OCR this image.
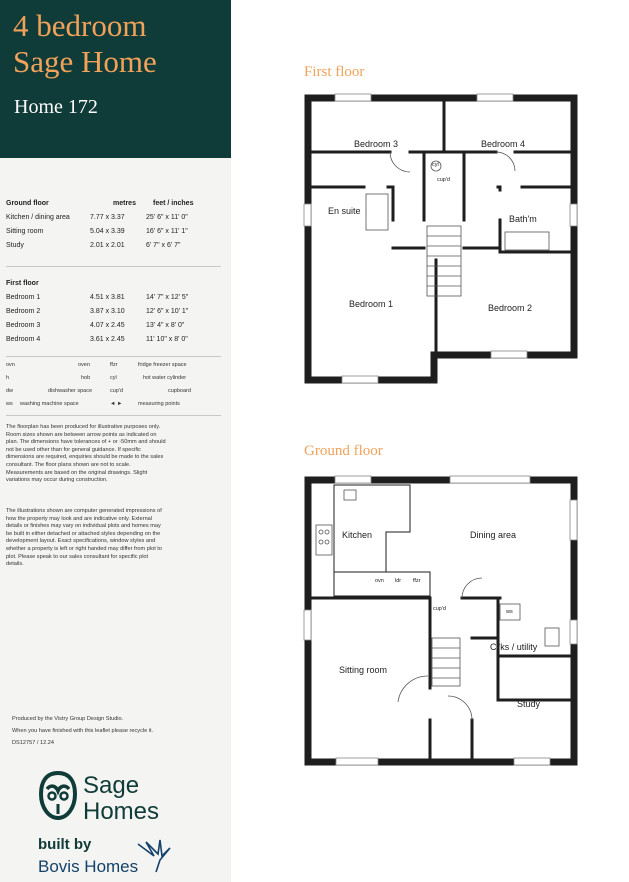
4 bedroom
Sage Home
Home 172
Ground floor	metres feet / inches
Kitchen / dining area	7.77 x 3.37	25' 6" x 11' 0"
Sitting room	5.04 x 3.39	16' 6" x 11' 1"
Study	2.01 x 2.01	6' 7" x 6' 7"
First floor
Bedroom 1	4.51 x 3.81	14' 7" x 12' 5"
Bedroom 2	3.87 x 3.10	12' 6" x 10' 1"
Bedroom 3	4.07 x 2.45	13' 4" x 8' 0"
Bedroom 4	3.61 x 2.45	11' 10" x 8' 0"
ovn	oven	ffzr	fridge freezer space
h	hob	cyl	hot water cylinder
dw	dishwasher space	cup'd	cupboard
ws washing machine space	◄ ►	measuring points
The floorplan has been produced for illustrative purposes only. Room sizes shown are between arrow points as indicated on plan. The dimensions have tolerances of + or -50mm and should not be used other than for general guidance. If specific dimensions are required, enquiries should be made to the sales consultant. The floor plans shown are not to scale. Measurements are based on the original drawings. Slight variations may occur during construction.
The illustrations shown are computer generated impressions of how the property may look and are indicative only. External details or finishes may vary on individual plots and homes may be built in either detached or attached styles depending on the development layout. Exact specifications, window styles and whether a property is left or right handed may differ from plot to plot. Please speak to our sales consultant for specific plot details.
Produced by the Vistry Group Design Studio.
When you have finished with this leaflet please recycle it.
DS12757 / 12.24
Sage
Homes
built by
Bovis Homes
First floor
Bedroom 3	Bedroom 4
En suite
Bath'm
Bedroom 1	Bedroom 2
cyl
cup'd
Ground floor
Kitchen	Dining area
ovn ldr ffzr
cup'd	ws
Cl'ks / utility
Sitting room
Study
